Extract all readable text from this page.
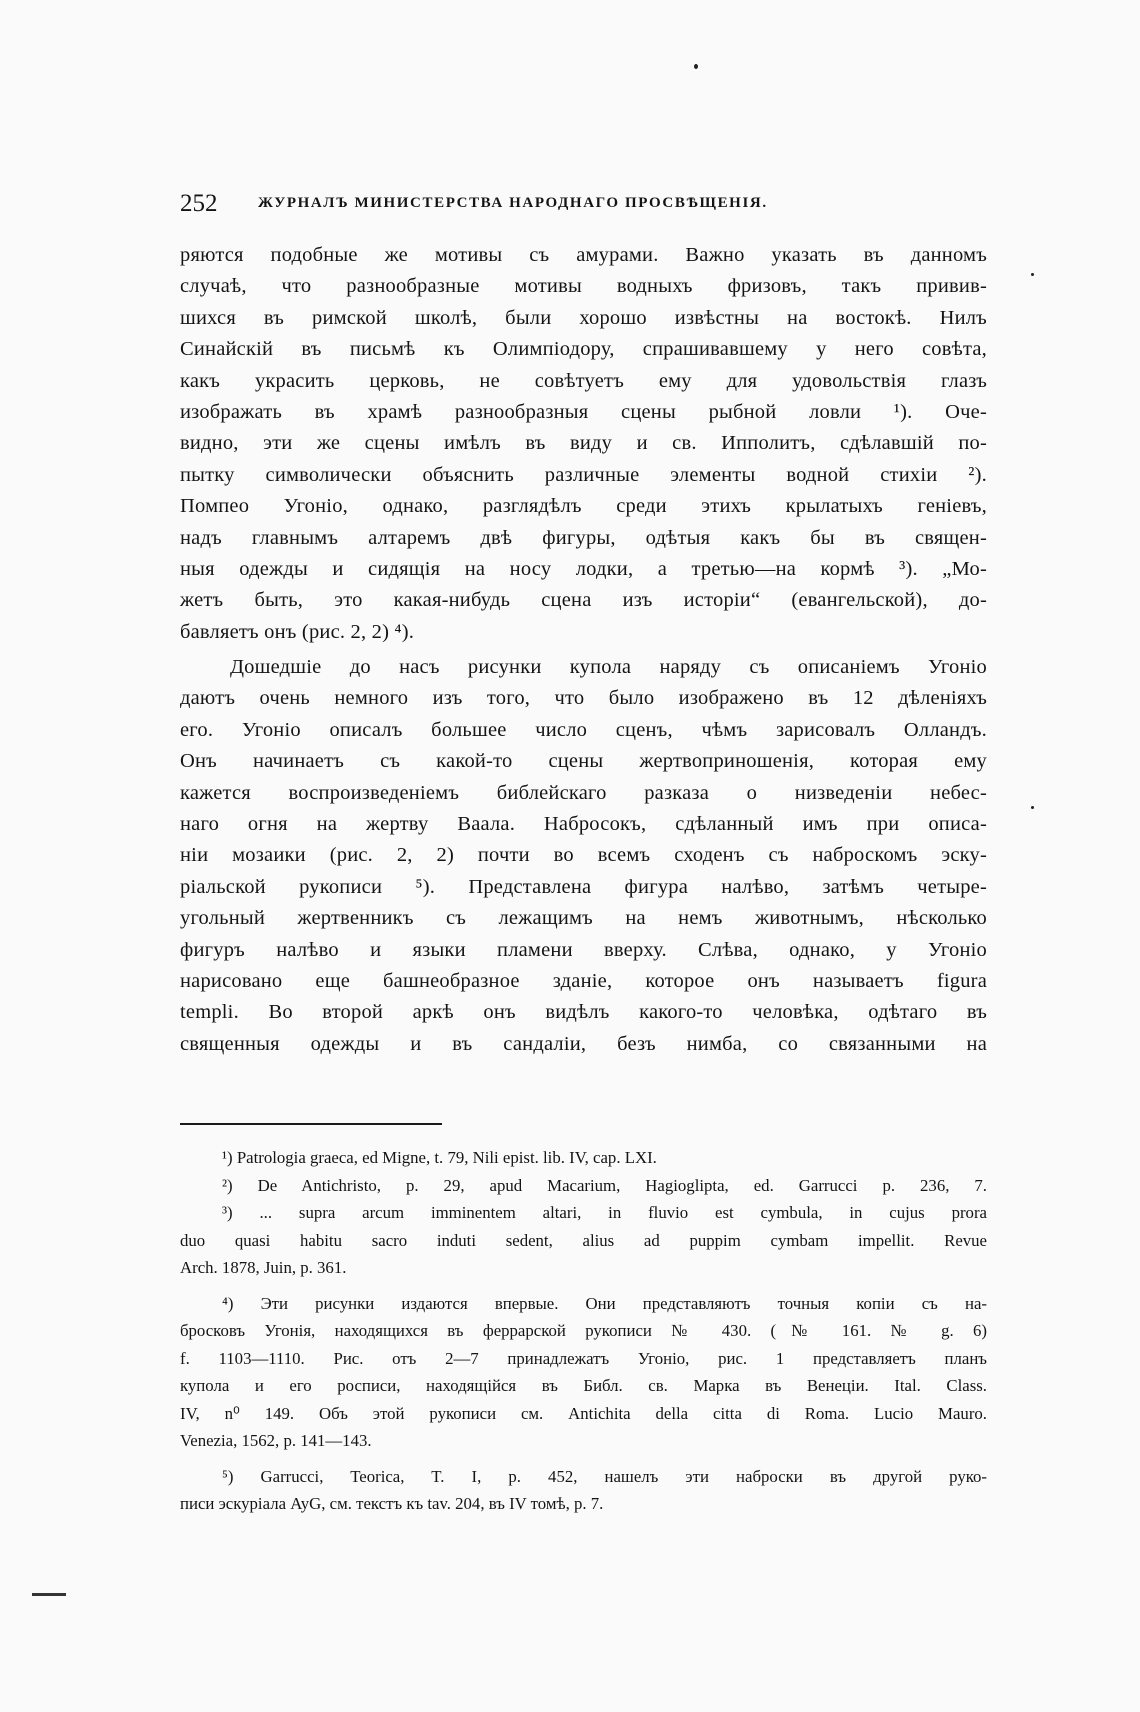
252	ЖУРНАЛЪ МИНИСТЕРСТВА НАРОДНАГО ПРОСВѢЩЕНІЯ.
ряются подобные же мотивы съ амурами. Важно указать въ данномъ
случаѣ, что разнообразные мотивы водныхъ фризовъ, такъ привив-
шихся въ римской школѣ, были хорошо извѣстны на востокѣ. Нилъ
Синайскій въ письмѣ къ Олимпіодору, спрашивавшему у него совѣта,
какъ украсить церковь, не совѣтуетъ ему для удовольствія глазъ
изображать въ храмѣ разнообразныя сцены рыбной ловли ¹). Оче-
видно, эти же сцены имѣлъ въ виду и св. Ипполитъ, сдѣлавшій по-
пытку символически объяснить различные элементы водной стихіи ²).
Помпео Угоніо, однако, разглядѣлъ среди этихъ крылатыхъ геніевъ,
надъ главнымъ алтаремъ двѣ фигуры, одѣтыя какъ бы въ священ-
ныя одежды и сидящія на носу лодки, а третью—на кормѣ ³). „Мо-
жетъ быть, это какая-нибудь сцена изъ исторіи“ (евангельской), до-
бавляетъ онъ (рис. 2, 2) ⁴).
Дошедшіе до насъ рисунки купола наряду съ описаніемъ Угоніо
даютъ очень немного изъ того, что было изображено въ 12 дѣленіяхъ
его. Угоніо описалъ большее число сценъ, чѣмъ зарисовалъ Олландъ.
Онъ начинаетъ съ какой-то сцены жертвоприношенія, которая ему
кажется воспроизведеніемъ библейскаго разказа о низведеніи небес-
наго огня на жертву Ваала. Набросокъ, сдѣланный имъ при описа-
ніи мозаики (рис. 2, 2) почти во всемъ сходенъ съ наброскомъ эску-
ріальской рукописи ⁵). Представлена фигура налѣво, затѣмъ четыре-
угольный жертвенникъ съ лежащимъ на немъ животнымъ, нѣсколько
фигуръ налѣво и языки пламени вверху. Слѣва, однако, у Угоніо
нарисовано еще башнеобразное зданіе, которое онъ называетъ figura
templi. Во второй аркѣ онъ видѣлъ какого-то человѣка, одѣтаго въ
священныя одежды и въ сандаліи, безъ нимба, со связанными на
¹) Patrologia graeca, ed Migne, t. 79, Nili epist. lib. IV, cap. LXI.
²) De Antichristo, p. 29, apud Macarium, Hagioglipta, ed. Garrucci p. 236, 7.
³) ... supra arcum imminentem altari, in fluvio est cymbula, in cujus prora
duo quasi habitu sacro induti sedent, alius ad puppim cymbam impellit. Revue
Arch. 1878, Juin, p. 361.
⁴) Эти рисунки издаются впервые. Они представляютъ точныя копіи съ на-
бросковъ Угонія, находящихся въ феррарской рукописи № 430. (№ 161. № g. 6)
f. 1103—1110. Рис. отъ 2—7 принадлежатъ Угоніо, рис. 1 представляетъ планъ
купола и его росписи, находящійся въ Библ. св. Марка въ Венеціи. Ital. Class.
IV, n⁰ 149. Объ этой рукописи см. Antichita della citta di Roma. Lucio Mauro.
Venezia, 1562, p. 141—143.
⁵) Garrucci, Teorica, T. I, p. 452, нашелъ эти наброски въ другой руко-
писи эскуріала AyG, см. текстъ къ tav. 204, въ IV томѣ, p. 7.
